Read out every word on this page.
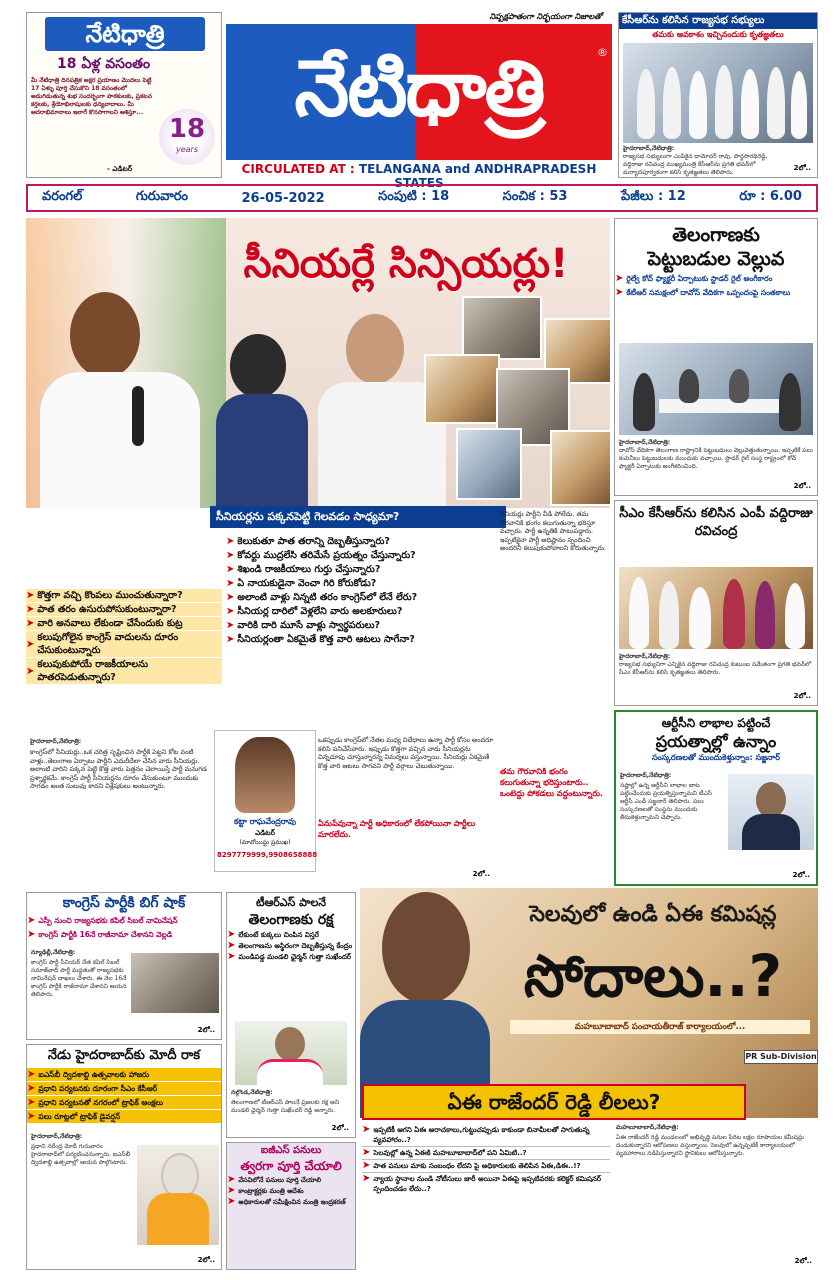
నేటిధాత్రి
18 ఏళ్ల వసంతం
మీ నేటిధాత్రి దినపత్రిక అక్షర ప్రయాణం మొదలు పెట్టి 17 ఏళ్ళు పూర్తి చేసుకొని 18 వసంతంలో అడుగిడుతున్న శుభ సందర్భంగా పాఠకులకు, ప్రకటన కర్తలకు, శ్రేయోభిలాషులకు ధన్యవాదాలు. మీ ఆదరాభిమానాలు ఇలాగే కొనసాగాలని ఆశిస్తూ...
18
years
- ఎడిటర్
నిష్పక్షపాతంగా నిర్భయంగా నిజాలతో
నేటిధాత్రి	®
CIRCULATED AT : TELANGANA and ANDHRAPRADESH STATES
కేసీఆర్‌ను కలిసిన రాజ్యసభ సభ్యులు
తమకు అవకాశం ఇచ్చినందుకు కృతజ్ఞతలు
హైదరాబాద్,నేటిధాత్రి:
రాజ్యసభ సభ్యులుగా ఎంపికైన దామోదర్ రావు, పార్థసారథిరెడ్డి, వద్దిరాజు రవిచంద్ర ముఖ్యమంత్రి కేసీఆర్‌ను ప్రగతి భవన్‌లో మర్యాదపూర్వకంగా కలిసి కృతజ్ఞతలు తెలిపారు.
2లో..
వరంగల్	గురువారం	26-05-2022	సంపుటి : 18	సంచిక : 53	పేజీలు : 12	రూ : 6.00
సీనియర్లే సిన్సియర్లు!
సీనియర్లను పక్కనపెట్టి గెలవడం సాధ్యమా?
➤ కొత్తగా వచ్చి కొంపలు ముంచుతున్నారా?
➤ పాత తరం ఉసురుపోసుకుంటున్నారా?
➤ వారి అనవాలు లేకుండా చేసేందుకు కుట్ర
➤
కలుపుగోలైన కాంగ్రెస్ వాదులను దూరం చేసుకుంటున్నారు
➤
కలుపుకుపోయే రాజకీయాలను పాతరపెడుతున్నారు?
➤ కెలుకుతూ పాత తరాన్ని దెబ్బతీస్తున్నారు?
➤ కోవర్టు ముద్రలేసి తరిమేసే ప్రయత్నం చేస్తున్నారు?
➤ శిఖండి రాజకీయాలు గుర్తు చేస్తున్నారు?
➤ ఏ నాయకుడైనా వెంచా గిరి కోరుకోడు?
➤ అలాంటి వాళ్లు నిన్నటి తరం కాంగ్రెస్‌లో లేనే లేరు?
➤ సీనియర్ల దారిలో వెళ్లలేని వారు అలకూరులు?
➤ వారికి దారి మూసే వాళ్లు స్వార్థపరులు?
➤ సీనియర్లంతా ఏకమైతే కొత్త వారి ఆటలు సాగేనా?
సీనియర్లు పార్టీని వీడి పోలేదు. తమ గౌరవానికి భంగం కలుగుతున్నా భరిస్తూ వచ్చారు. పార్టీ ఉన్నతికి పాటుపడ్డారు. ఇప్పటికైనా పార్టీ అధిష్టానం స్పందించి అందరినీ కలుపుకుపోవాలని కోరుతున్నారు.
తమ గౌరవానికి భంగం కలుగుతున్నా భరిస్తుంటారు.. ఒంటెద్దు పోకడలు వద్దంటున్నారు.
హైదరాబాద్,నేటిధాత్రి:
కాంగ్రెస్‌లో సీనియర్లు..ఒక చరిత్ర సృష్టించిన పార్టీకి పెట్టని కోట వంటి వాళ్లు..తెలంగాణ ఏర్పాటు పార్టీని ఎదురీదేలా చేసిన వారు సీనియర్లు. అలాంటి వారిని పక్కన పెట్టి కొత్త వారు పెత్తనం చెలాయిస్తే పార్టీ మనుగడ ప్రశ్నార్థకమే. కాంగ్రెస్ పార్టీ సీనియర్లను దూరం చేసుకుంటూ ముందుకు సాగడం అంత సులువు కాదని విశ్లేషకులు అంటున్నారు.
ఒకప్పుడు కాంగ్రెస్‌లో నేతల మధ్య విబేధాలు ఉన్నా పార్టీ కోసం అందరూ కలిసి పనిచేసేవారు. ఇప్పుడు కొత్తగా వచ్చిన వారు సీనియర్లను చిన్నచూపు చూస్తున్నారన్న విమర్శలు వస్తున్నాయి. సీనియర్లు ఏకమైతే కొత్త వారి ఆటలు సాగవని పార్టీ వర్గాలు చెబుతున్నాయి.
ఏనుపేవున్నా పార్టీ అధికారంలో లేకపోయినా పార్టీలు మారలేదు.
కట్టా రాఘవేంద్రరావు
ఎడిటర్
(మావోయిస్టు ప్రముఖ)
8297779999,9908658888
2లో..
తెలంగాణకు
పెట్టుబడుల వెల్లువ
➤ రైల్వే కోచ్ ఫ్యాక్టరీ ఏర్పాటుకు స్టాడర్ రైల్ అంగీకారం
➤ కేటీఆర్ సమక్షంలో దావోస్ వేదికగా ఒప్పందంపై సంతకాలు
హైదరాబాద్,నేటిధాత్రి:
దావోస్ వేదికగా తెలంగాణ రాష్ట్రానికి పెట్టుబడులు వెల్లువెత్తుతున్నాయి. ఇప్పటికే పలు కంపెనీలు పెట్టుబడులకు ముందుకు వచ్చాయి. స్టాడర్ రైల్ సంస్థ రాష్ట్రంలో కోచ్ ఫ్యాక్టరీ ఏర్పాటుకు అంగీకరించింది.
2లో..
సీఎం కేసీఆర్‌ను కలిసిన ఎంపీ వద్దిరాజు రవిచంద్ర
హైదరాబాద్,నేటిధాత్రి:
రాజ్యసభ సభ్యునిగా ఎన్నికైన వద్దిరాజు రవిచంద్ర కుటుంబ సమేతంగా ప్రగతి భవన్‌లో సీఎం కేసీఆర్‌ను కలిసి కృతజ్ఞతలు తెలిపారు.
2లో..
ఆర్టీసీని లాభాల పట్టించే
ప్రయత్నాల్లో ఉన్నాం
సంస్కరణలతో ముందుకెళ్తున్నాం: సజ్జనార్
హైదరాబాద్,నేటిధాత్రి:
నష్టాల్లో ఉన్న ఆర్టీసీని లాభాల బాట పట్టించేందుకు ప్రయత్నిస్తున్నామని టీఎస్ ఆర్టీసీ ఎండీ సజ్జనార్ తెలిపారు. పలు సంస్కరణలతో సంస్థను ముందుకు తీసుకెళ్తున్నామని చెప్పారు.
2లో..
కాంగ్రెస్ పార్టీకి బిగ్ షాక్
➤ ఎస్పీ నుంచి రాజ్యసభకు కపిల్ సిబల్ నామినేషన్
➤ కాంగ్రెస్ పార్టీకి 16నే రాజీనామా చేశానని వెల్లడి
న్యూఢిల్లీ,నేటిధాత్రి:
కాంగ్రెస్ పార్టీ సీనియర్ నేత కపిల్ సిబల్ సమాజ్‌వాదీ పార్టీ మద్దతుతో రాజ్యసభకు నామినేషన్ దాఖలు చేశారు. ఈ నెల 16నే కాంగ్రెస్ పార్టీకి రాజీనామా చేశానని ఆయన తెలిపారు.
2లో..
నేడు హైదరాబాద్‌కు మోదీ రాక
➤ ఐఎస్‌బీ ద్విదశాబ్ది ఉత్సవాలకు హాజరు
➤ ప్రధాని పర్యటనకు దూరంగా సీఎం కేసీఆర్
➤ ప్రధాని పర్యటనతో నగరంలో ట్రాఫిక్ ఆంక్షలు
➤ పలు రూట్లలో ట్రాఫిక్ డైవర్షన్
హైదరాబాద్,నేటిధాత్రి:
ప్రధాని నరేంద్ర మోదీ గురువారం హైదరాబాద్‌లో పర్యటించనున్నారు. ఐఎస్‌బీ ద్విదశాబ్ది ఉత్సవాల్లో ఆయన పాల్గొంటారు.
2లో..
టీఆర్ఎస్ పాలనే
తెలంగాణకు రక్ష
➤ లేకుంటే కుక్కలు చింపిన విస్తరే
➤ తెలంగాణను అస్థిరంగా దెబ్బతీస్తున్న కేంద్రం
➤ మండిపడ్డ మండలి ఛైర్మన్ గుత్తా సుఖేందర్
నల్గొండ,నేటిధాత్రి:
తెలంగాణలో టీఆర్ఎస్ పాలనే ప్రజలకు రక్ష అని మండలి ఛైర్మన్ గుత్తా సుఖేందర్ రెడ్డి అన్నారు.
2లో..
ఐజీఎస్ పనులు
త్వరగా పూర్తి చేయాలి
➤ వేసవిలోనే పనులు పూర్తి చేయాలి
➤ కాంట్రాక్టర్లకు మంత్రి ఆదేశం
➤ అధికారులతో సమీక్షించిన మంత్రి ఇంద్రకరణ్
సెలవులో ఉండి ఏఈ కమిషన్ల
సోదాలు..?
మహబూబాబాద్ పంచాయతీరాజ్ కార్యాలయంలో...
PR Sub-Division
ఏఈ రాజేందర్ రెడ్డి లీలలు?
➤ ఇప్పటికీ ఆగని ఏఈ అరాచకాలు,గుట్టుచప్పుడు కాకుండా బినామీలతో సాగుతున్న వ్యవహారం..?
➤ సెలవుల్లో ఉన్న ఏఈకి మహబూబాబాద్‌లో పని ఏమిటి..?
➤ పాత పనులు మాకు సంబంధం లేదని పై అధికారులకు తెలిపిన ఏఈ,డిఈ..!?
➤ న్యాయ స్థానాల నుండి నోటీసులు జారీ అయినా ఏఈపై ఇప్పటివరకు కలెక్టర్ కమిషనర్ స్పందించడం లేదు..?
మహబూబాబాద్,నేటిధాత్రి:
ఏఈ రాజేందర్ రెడ్డి మండలంలో అభివృద్ధి పనుల పేరిట లక్షల రూపాయల కమీషన్లు దండుకున్నారని ఆరోపణలు వస్తున్నాయి. సెలవులో ఉన్నప్పటికీ కార్యాలయంలో వ్యవహారాలు నడిపిస్తున్నారని స్థానికులు ఆరోపిస్తున్నారు.
2లో..
